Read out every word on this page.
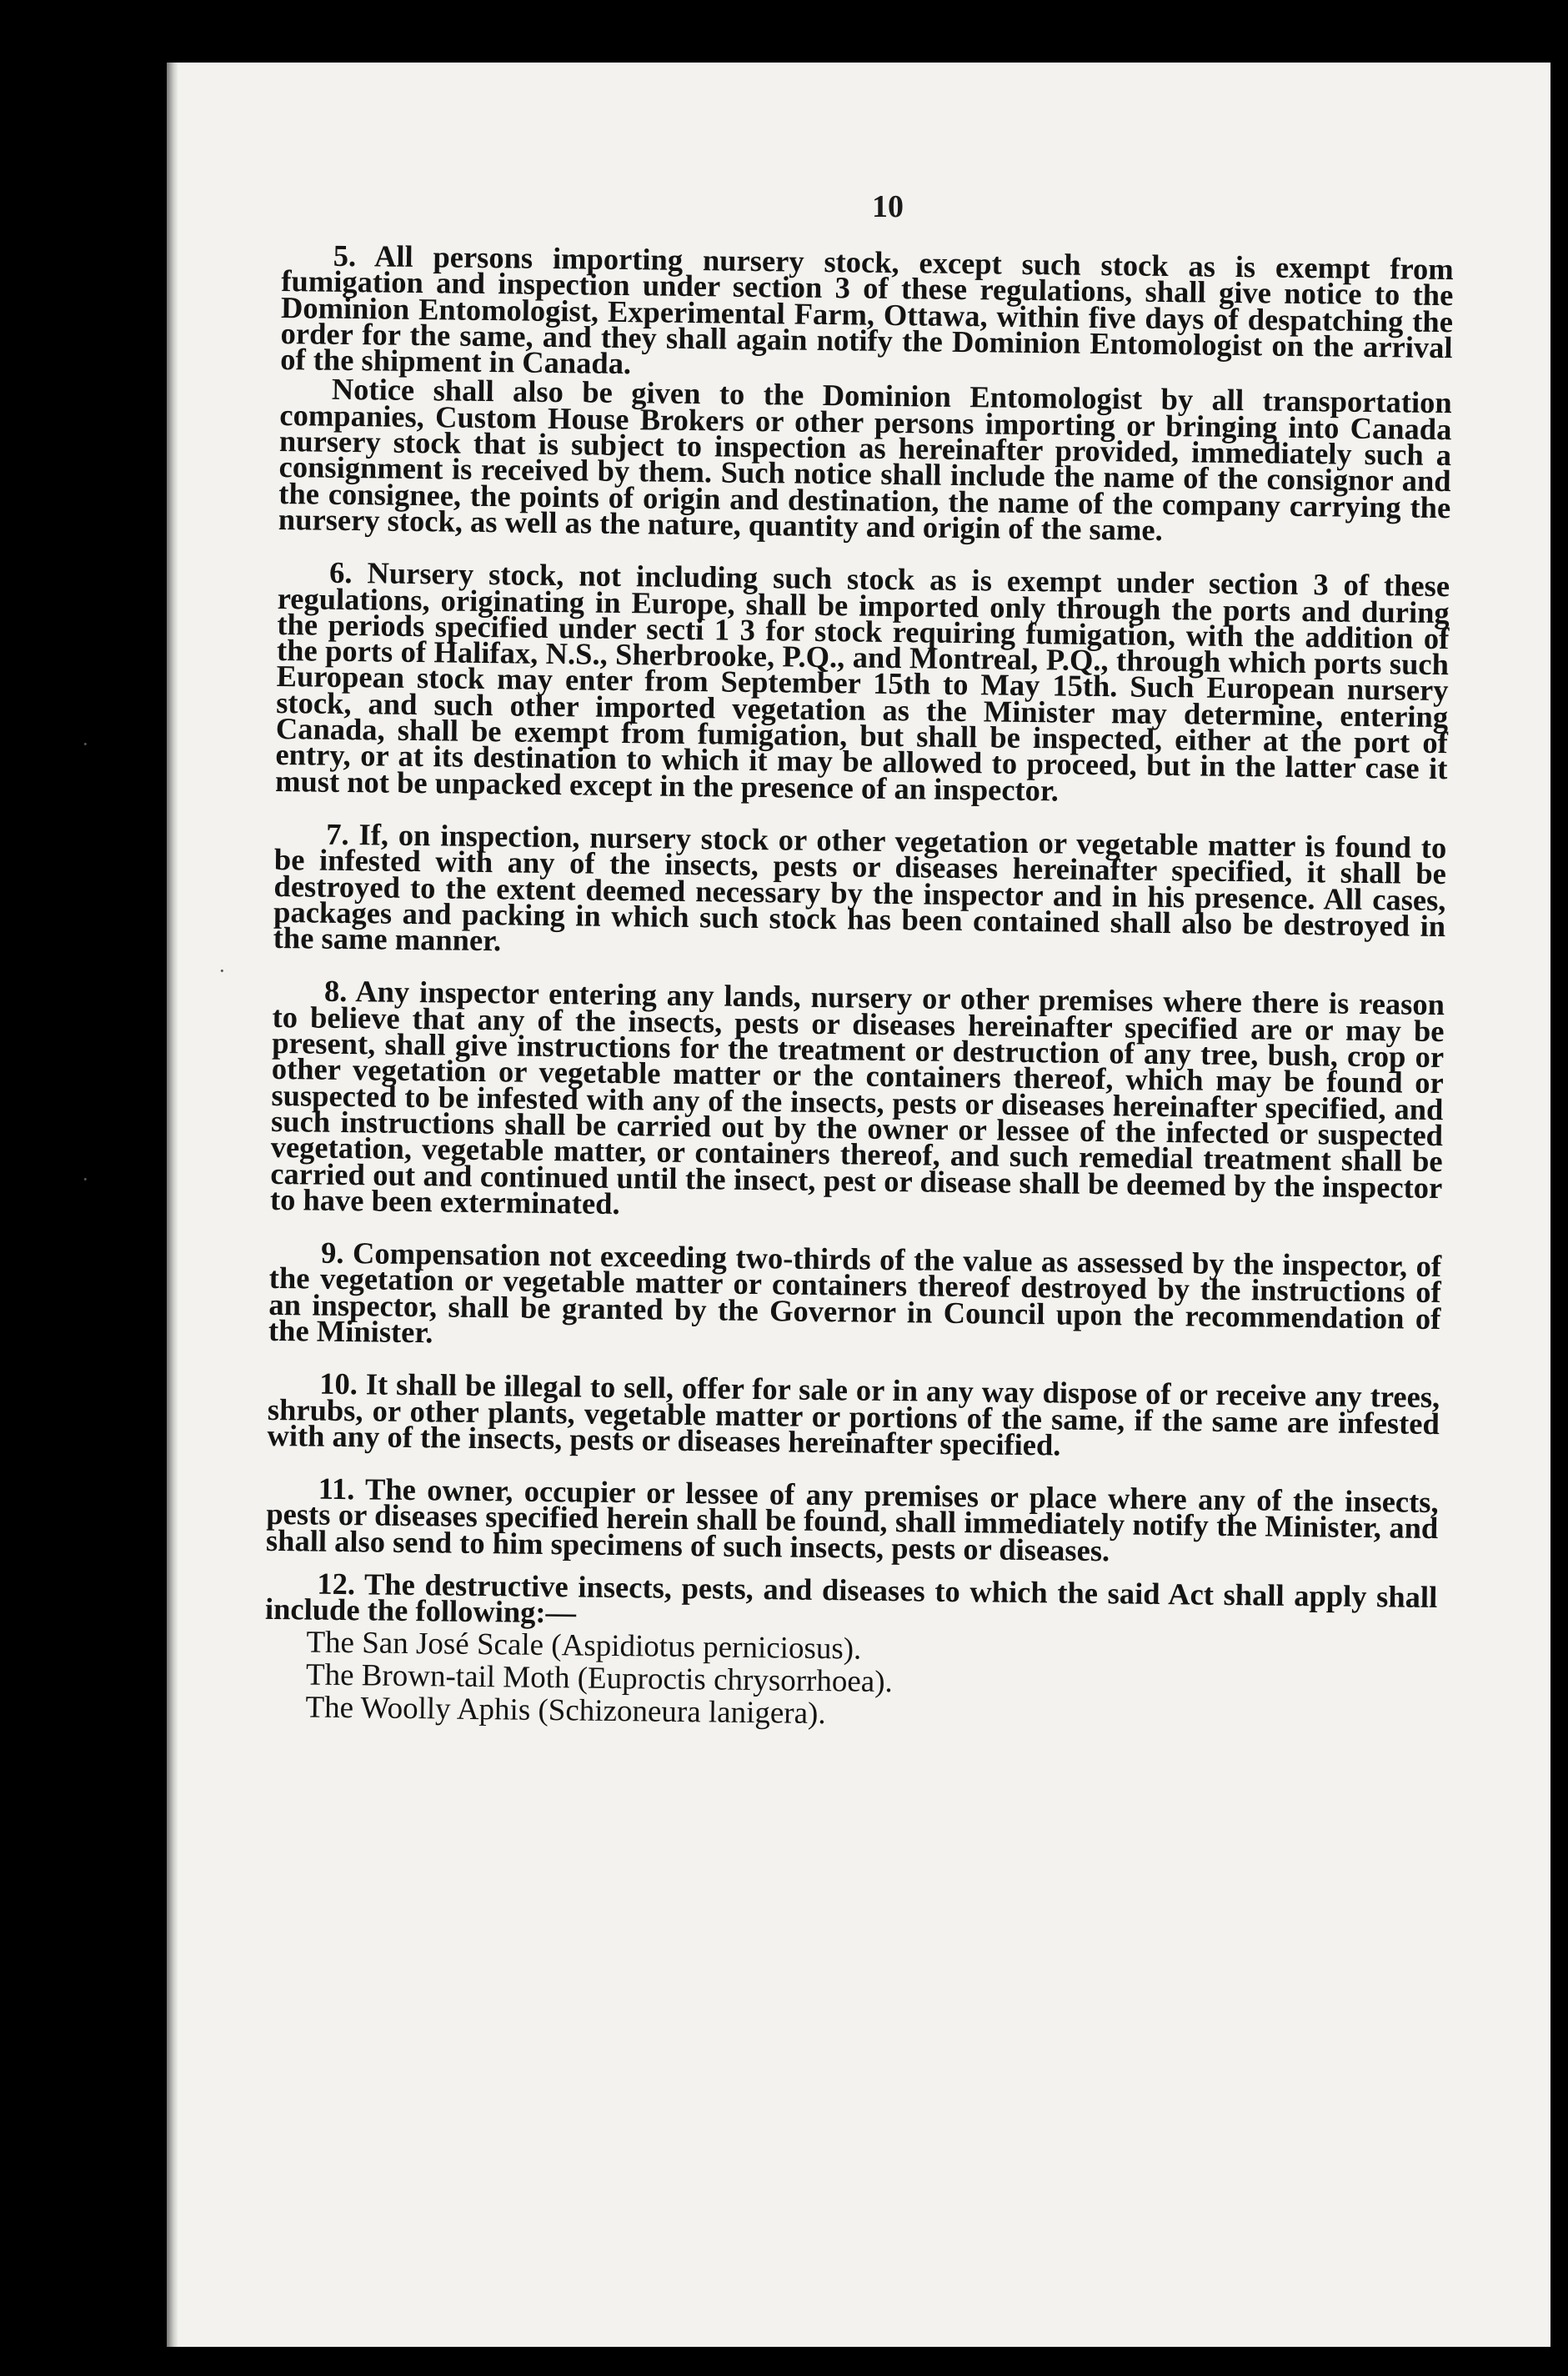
·
·
·
10

5. All persons importing nursery stock, except such stock as is exempt from fumigation and inspection under section 3 of these regulations, shall give notice to the Dominion Entomologist, Experimental Farm, Ottawa, within five days of despatching the order for the same, and they shall again notify the Dominion Entomologist on the arrival of the shipment in Canada.

Notice shall also be given to the Dominion Entomologist by all transportation companies, Custom House Brokers or other persons importing or bringing into Canada nursery stock that is subject to inspection as hereinafter provided, immediately such a consignment is received by them. Such notice shall include the name of the consignor and the consignee, the points of origin and destination, the name of the company carrying the nursery stock, as well as the nature, quantity and origin of the same.

6. Nursery stock, not including such stock as is exempt under section 3 of these regulations, originating in Europe, shall be imported only through the ports and during the periods specified under secti 1 3 for stock requiring fumigation, with the addition of the ports of Halifax, N.S., Sherbrooke, P.Q., and Montreal, P.Q., through which ports such European stock may enter from September 15th to May 15th. Such European nursery stock, and such other imported vegetation as the Minister may determine, entering Canada, shall be exempt from fumigation, but shall be inspected, either at the port of entry, or at its destination to which it may be allowed to proceed, but in the latter case it must not be unpacked except in the presence of an inspector.

7. If, on inspection, nursery stock or other vegetation or vegetable matter is found to be infested with any of the insects, pests or diseases hereinafter specified, it shall be destroyed to the extent deemed necessary by the inspector and in his presence. All cases, packages and packing in which such stock has been contained shall also be destroyed in the same manner.

8. Any inspector entering any lands, nursery or other premises where there is reason to believe that any of the insects, pests or diseases hereinafter specified are or may be present, shall give instructions for the treatment or destruction of any tree, bush, crop or other vegetation or vegetable matter or the containers thereof, which may be found or suspected to be infested with any of the insects, pests or diseases hereinafter specified, and such instructions shall be carried out by the owner or lessee of the infected or suspected vegetation, vegetable matter, or containers thereof, and such remedial treatment shall be carried out and continued until the insect, pest or disease shall be deemed by the inspector to have been exterminated.

9. Compensation not exceeding two-thirds of the value as assessed by the inspector, of the vegetation or vegetable matter or containers thereof destroyed by the instructions of an inspector, shall be granted by the Governor in Council upon the recommendation of the Minister.

10. It shall be illegal to sell, offer for sale or in any way dispose of or receive any trees, shrubs, or other plants, vegetable matter or portions of the same, if the same are infested with any of the insects, pests or diseases hereinafter specified.

11. The owner, occupier or lessee of any premises or place where any of the insects, pests or diseases specified herein shall be found, shall immediately notify the Minister, and shall also send to him specimens of such insects, pests or diseases.

12. The destructive insects, pests, and diseases to which the said Act shall apply shall include the following:—

The San José Scale (Aspidiotus perniciosus).
The Brown-tail Moth (Euproctis chrysorrhoea).
The Woolly Aphis (Schizoneura lanigera).
